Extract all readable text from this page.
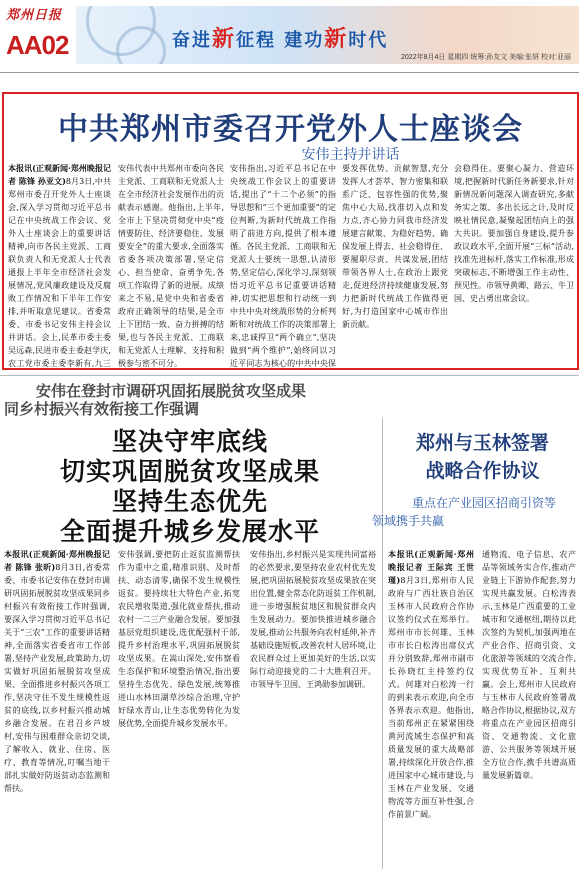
郑州日报
AA02	奋进新征程 建功新时代
2022年8月4日 星期四 统筹:孙友文 美编:张妍 校对:亚丽
中共郑州市委召开党外人士座谈会
安伟主持并讲话
本报讯(正观新闻·郑州晚报记者 陈锋 孙亚文)8月3日,中共郑州市委召开党外人士座谈会,深入学习贯彻习近平总书记在中央统战工作会议、党外人士座谈会上的重要讲话精神,向市各民主党派、工商联负责人和无党派人士代表通报上半年全市经济社会发展情况,党风廉政建设及反腐败工作情况和下半年工作安排,并听取意见建议。省委常委、市委书记安伟主持会议并讲话。会上,民革市委主委吴远森,民进市委主委赵学庆,农工党市委主委李新有,九三
安伟代表中共郑州市委向各民主党派、工商联和无党派人士在全市经济社会发展作出的贡献表示感谢。他指出,上半年,全市上下坚决贯彻党中央“疫情要防住、经济要稳住、发展要安全”的重大要求,全面落实省委各项决策部署,坚定信心、担当使命、奋勇争先,各项工作取得了新的进展。成绩来之不易,是党中央和省委省政府正确领导的结果,是全市上下团结一致、奋力拼搏的结果,也与各民主党派、工商联和无党派人士理解、支持和积极参与密不可分。
安伟指出,习近平总书记在中央统战工作会议上的重要讲话,提出了“十二个必须”的指导思想和“三个更加重要”的定位判断,为新时代统战工作指明了前进方向,提供了根本遵循。各民主党派、工商联和无党派人士要统一思想,认清形势,坚定信心,深化学习,深刻领悟习近平总书记重要讲话精神,切实把思想和行动统一到中共中央对统战形势的分析判断和对统战工作的决策部署上来,忠诚捍卫“两个确立”,坚决做到“两个维护”,始终同以习近平同志为核心的中共中央保
要发挥优势、贡献智慧,充分发挥人才荟萃、智力密集和联系广泛、包容性强的优势,聚焦中心大局,找准切入点和发力点,齐心协力同我市经济发展建言献策、为稳好趋势、确保发展上得去、社会稳得住、要履职尽责、共谋发展,团结带领各界人士,在政治上跟党走,促进经济持续健康发展,努力把新时代统战工作做得更好,为打造国家中心城市作出新贡献。
会稳得住。要聚心凝力、营造环境,把握新时代新任务新要求,针对新情况新问题深入调查研究,多献务实之策、多出长远之计,及时反映社情民意,凝聚起团结向上的强大共识。要加强自身建设,提升参政议政水平,全面开展“三标”活动,找准先进标杆,落实工作标准,形成突破标志,不断增强工作主动性、预见性。市领导黄卿、路云、牛卫国、史占勇出席会议。
安伟在登封市调研巩固拓展脱贫攻坚成果
同乡村振兴有效衔接工作强调
坚决守牢底线
切实巩固脱贫攻坚成果
坚持生态优先
全面提升城乡发展水平
本报讯(正观新闻·郑州晚报记者 陈锋 张昕)8月3日,省委常委、市委书记安伟在登封市调研巩固拓展脱贫攻坚成果同乡村振兴有效衔接工作时强调,要深入学习贯彻习近平总书记关于“三农”工作的重要讲话精神,全面落实省委省市工作部署,坚持产业发展,政策助力,切实做好巩固拓展脱贫攻坚成果、全面推进乡村振兴各项工作,坚决守住不发生规模性返贫的底线,以乡村振兴推动城乡融合发展。在君召乡芦坡村,安伟与困难群众亲切交谈,了解收入、就业、住房、医疗、教育等情况,叮嘱当地干部扎实做好防返贫动态监测和帮扶。
安伟强调,要把防止返贫监测帮扶作为重中之重,精准识别、及时帮扶、动态清零,确保不发生规模性返贫。要持续壮大特色产业,拓宽农民增收渠道,强化就业帮扶,推动农村一二三产业融合发展。要加强基层党组织建设,选优配强村干部,提升乡村治理水平,巩固拓展脱贫攻坚成果。在嵩山深处,安伟察看生态保护和环境整治情况,指出要坚持生态优先、绿色发展,统筹推进山水林田湖草沙综合治理,守护好绿水青山,让生态优势转化为发展优势,全面提升城乡发展水平。
安伟指出,乡村振兴是实现共同富裕的必然要求,要坚持农业农村优先发展,把巩固拓展脱贫攻坚成果放在突出位置,健全常态化防返贫工作机制,进一步增强脱贫地区和脱贫群众内生发展动力。要加快推进城乡融合发展,推动公共服务向农村延伸,补齐基础设施短板,改善农村人居环境,让农民群众过上更加美好的生活,以实际行动迎接党的二十大胜利召开。市领导牛卫国、王鸿勋参加调研。
郑州与玉林签署
战略合作协议
重点在产业园区招商引资等
领域携手共赢
本报讯(正观新闻·郑州晚报记者 王际宾 王世瑾)8月3日,郑州市人民政府与广西壮族自治区玉林市人民政府合作协议签约仪式在郑举行。郑州市市长何雄、玉林市市长白松涛出席仪式并分别致辞,郑州市副市长孙晓红主持签约仪式。何雄对白松涛一行的到来表示欢迎,向全市各界表示欢迎。他指出,当前郑州正在紧紧围绕黄河流域生态保护和高质量发展的重大战略部署,持续深化开放合作,推进国家中心城市建设,与玉林在产业发展、交通物流等方面互补性强,合作前景广阔。
通物流、电子信息、农产品等领域务实合作,推动产业链上下游协作配套,努力实现共赢发展。白松涛表示,玉林是广西重要的工业城市和交通枢纽,期待以此次签约为契机,加强两地在产业合作、招商引资、文化旅游等领域的交流合作,实现优势互补、互利共赢。会上,郑州市人民政府与玉林市人民政府签署战略合作协议,根据协议,双方将重点在产业园区招商引资、交通物流、文化旅游、公共服务等领域开展全方位合作,携手共谱高质量发展新篇章。
